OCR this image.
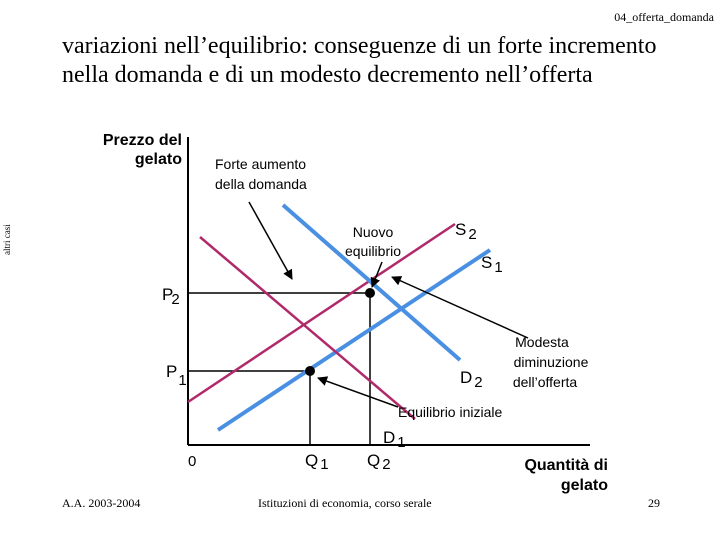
04_offerta_domanda
variazioni nell’equilibrio: conseguenze di un forte incremento nella domanda e di un modesto decremento nell’offerta
altri casi
Prezzo del
gelato
Quantità di
gelato
0
Forte aumento
della domanda
Nuovo
equilibrio
Modesta
diminuzione
dell’offerta
Equilibrio iniziale
S 2
S 1
D 1
D 2
P2
P1
Q 1 Q 2
A.A. 2003-2004	Istituzioni di economia, corso serale	29
